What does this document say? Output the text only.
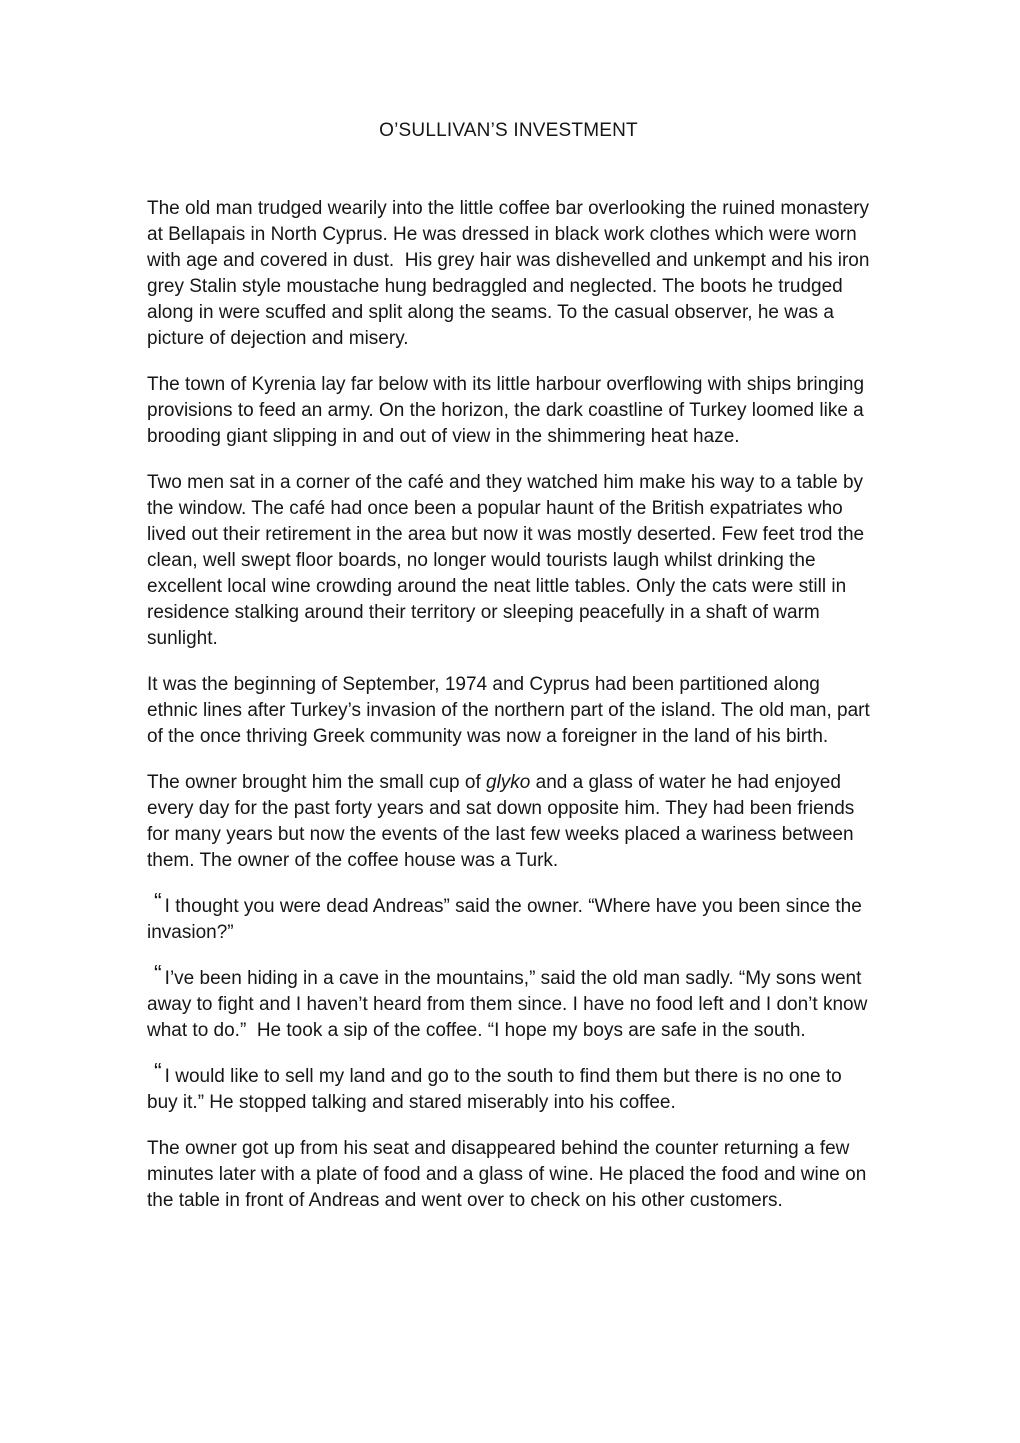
O’SULLIVAN’S INVESTMENT

The old man trudged wearily into the little coffee bar overlooking the ruined monastery at Bellapais in North Cyprus. He was dressed in black work clothes which were worn with age and covered in dust.  His grey hair was dishevelled and unkempt and his iron grey Stalin style moustache hung bedraggled and neglected. The boots he trudged along in were scuffed and split along the seams. To the casual observer, he was a picture of dejection and misery.

The town of Kyrenia lay far below with its little harbour overflowing with ships bringing provisions to feed an army. On the horizon, the dark coastline of Turkey loomed like a brooding giant slipping in and out of view in the shimmering heat haze.

Two men sat in a corner of the café and they watched him make his way to a table by the window. The café had once been a popular haunt of the British expatriates who lived out their retirement in the area but now it was mostly deserted. Few feet trod the clean, well swept floor boards, no longer would tourists laugh whilst drinking the excellent local wine crowding around the neat little tables. Only the cats were still in residence stalking around their territory or sleeping peacefully in a shaft of warm sunlight.

It was the beginning of September, 1974 and Cyprus had been partitioned along ethnic lines after Turkey’s invasion of the northern part of the island. The old man, part of the once thriving Greek community was now a foreigner in the land of his birth.

The owner brought him the small cup of glyko and a glass of water he had enjoyed every day for the past forty years and sat down opposite him. They had been friends for many years but now the events of the last few weeks placed a wariness between them. The owner of the coffee house was a Turk.

“ I thought you were dead Andreas” said the owner. “Where have you been since the invasion?”

“ I’ve been hiding in a cave in the mountains,” said the old man sadly. “My sons went away to fight and I haven’t heard from them since. I have no food left and I don’t know what to do.”  He took a sip of the coffee. “I hope my boys are safe in the south.

“ I would like to sell my land and go to the south to find them but there is no one to buy it.” He stopped talking and stared miserably into his coffee.

The owner got up from his seat and disappeared behind the counter returning a few minutes later with a plate of food and a glass of wine. He placed the food and wine on the table in front of Andreas and went over to check on his other customers.
